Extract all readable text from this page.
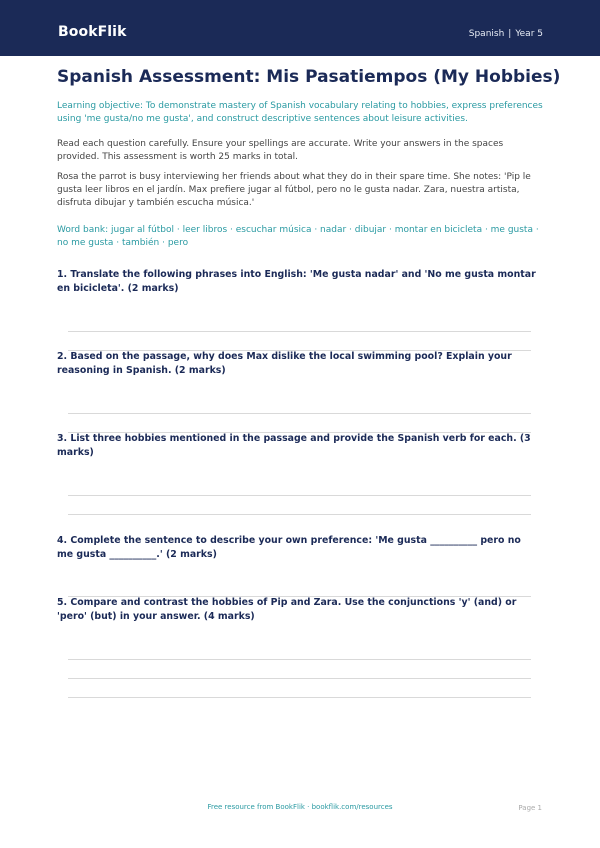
BookFlik	Spanish | Year 5
Spanish Assessment: Mis Pasatiempos (My Hobbies)

Learning objective: To demonstrate mastery of Spanish vocabulary relating to hobbies, express preferences using 'me gusta/no me gusta', and construct descriptive sentences about leisure activities.

Read each question carefully. Ensure your spellings are accurate. Write your answers in the spaces provided. This assessment is worth 25 marks in total.

Rosa the parrot is busy interviewing her friends about what they do in their spare time. She notes: 'Pip le gusta leer libros en el jardín. Max prefiere jugar al fútbol, pero no le gusta nadar. Zara, nuestra artista, disfruta dibujar y también escucha música.'

Word bank: jugar al fútbol · leer libros · escuchar música · nadar · dibujar · montar en bicicleta · me gusta · no me gusta · también · pero

1. Translate the following phrases into English: 'Me gusta nadar' and 'No me gusta montar en bicicleta'. (2 marks)

2. Based on the passage, why does Max dislike the local swimming pool? Explain your reasoning in Spanish. (2 marks)

3. List three hobbies mentioned in the passage and provide the Spanish verb for each. (3 marks)

4. Complete the sentence to describe your own preference: 'Me gusta __________ pero no me gusta __________.' (2 marks)

5. Compare and contrast the hobbies of Pip and Zara. Use the conjunctions 'y' (and) or 'pero' (but) in your answer. (4 marks)

Free resource from BookFlik · bookflik.com/resources	Page 1
